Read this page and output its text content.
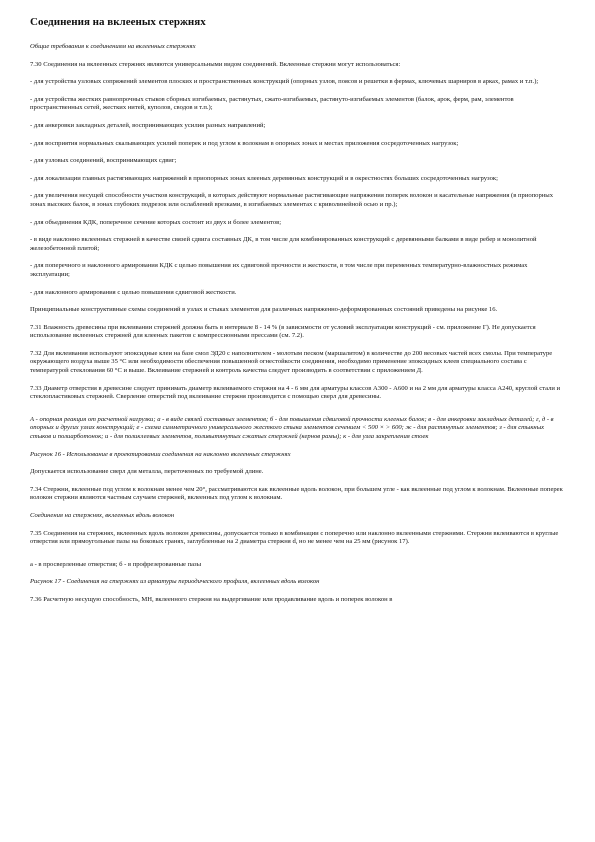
Соединения на вклееных стержнях

Общие требования к соединениям на вклеенных стержнях

7.30 Соединения на вклеенных стержнях являются универсальными видом соединений. Вклеенные стержни могут использоваться:

- для устройства узловых сопряжений элементов плоских и пространственных конструкций (опорных узлов, поясов и решетки в фермах, ключевых шарниров в арках, рамах и т.п.);

- для устройства жестких равнопрочных стыков сборных изгибаемых, растянутых, сжато-изгибаемых, растянуто-изгибаемых элементов (балок, арок, ферм, рам, элементов пространственных сетей, жестких нитей, куполов, сводов и т.п.);

- для анкеровки закладных деталей, воспринимающих усилия разных направлений;

- для восприятия нормальных скалывающих усилий поперек и под углом к волокнам в опорных зонах и местах приложения сосредоточенных нагрузок;

- для узловых соединений, воспринимающих сдвиг;

- для локализации главных растягивающих напряжений в приопорных зонах клееных деревянных конструкций и в окрестностях больших сосредоточенных нагрузок;

- для увеличения несущей способности участков конструкций, в которых действуют нормальные растягивающие напряжения поперек волокон и касательные напряжения (в приопорных зонах высоких балок, в зонах глубоких подрезок или ослаблений врезками, в изгибаемых элементах с криволинейной осью и пр.);

- для объединения КДК, поперечное сечение которых состоит из двух и более элементов;

- в виде наклонно вклеенных стержней в качестве связей сдвига составных ДК, в том числе для комбинированных конструкций с деревянными балками в виде ребер и монолитной железобетонной плитой;

- для поперечного и наклонного армирования КДК с целью повышения их сдвиговой прочности и жесткости, в том числе при переменных температурно-влажностных режимах эксплуатации;

- для наклонного армирования с целью повышения сдвиговой жесткости.

Принципиальные конструктивные схемы соединений в узлах и стыках элементов для различных напряженно-деформированных состояний приведены на рисунке 16.

7.31 Влажность древесины при вклеивании стержней должна быть в интервале 8 - 14 % (в зависимости от условий эксплуатации конструкций - см. приложение Г). Не допускается использование вклеенных стержней для клееных пакетов с компрессионными прессами (см. 7.2).

7.32 Для вклеивания используют эпоксидные клеи на базе смол ЭД20 с наполнителем - молотым песком (маршалитом) в количестве до 200 весовых частей всех смолы. При температуре окружающего воздуха выше 35 °С или необходимости обеспечения повышенной огнестойкости соединения, необходимо применение эпоксидных клеев специального состава с температурой стеклования 60 °С и выше. Вклеивание стержней и контроль качества следует производить в соответствии с приложением Д.

7.33 Диаметр отверстия в древесине следует принимать диаметр вклеиваемого стержня на 4 - 6 мм для арматуры классов А300 - А600 и на 2 мм для арматуры класса А240, круглой стали и стеклопластиковых стержней. Сверление отверстий под вклеивание стержня производится с помощью сверл для древесины.

А - опорная реакция от расчетной нагрузки; а - в виде связей составных элементов; б - для повышения сдвиговой прочности клееных балок; в - для анкеровки закладных деталей; г, д - в опорных и других узлах конструкций; е - схема симметричного универсального жесткого стыка элементов сечением < 500 × > 600; ж - для растянутых элементов; з - для стыкных стыков и полиарботонок; и - для поликлеевых элементов, поливытянутых сжатых стержней (кернов рамы); к - для узла закрепления стоек

Рисунок 16 - Использование в проектировании соединения на наклонно вклеенных стержнях

Допускается использование сверл для металла, переточенных по требуемой длине.

7.34 Стержни, вклеенные под углом к волокнам менее чем 20°, рассматриваются как вклеенные вдоль волокон, при большем угле - как вклеенные под углом к волокнам. Вклеенные поперек волокон стержни являются частным случаем стержней, вклеенных под углом к волокнам.

Соединения на стержнях, вклеенных вдоль волокон

7.35 Соединения на стержнях, вклеенных вдоль волокон древесины, допускается только в комбинации с поперечно или наклонно вклеенными стержнями. Стержни вклеиваются в круглые отверстия или прямоугольные пазы на боковых гранях, заглубленные на 2 диаметра стержня d, но не менее чем на 25 мм (рисунок 17).

а - в просверленные отверстия; б - в профрезерованные пазы

Рисунок 17 - Соединения на стержнях из арматуры периодического профиля, вклеенных вдоль волокон

7.36 Расчетную несущую способность, МН, вклеенного стержня на выдергивание или продавливание вдоль и поперек волокон в
